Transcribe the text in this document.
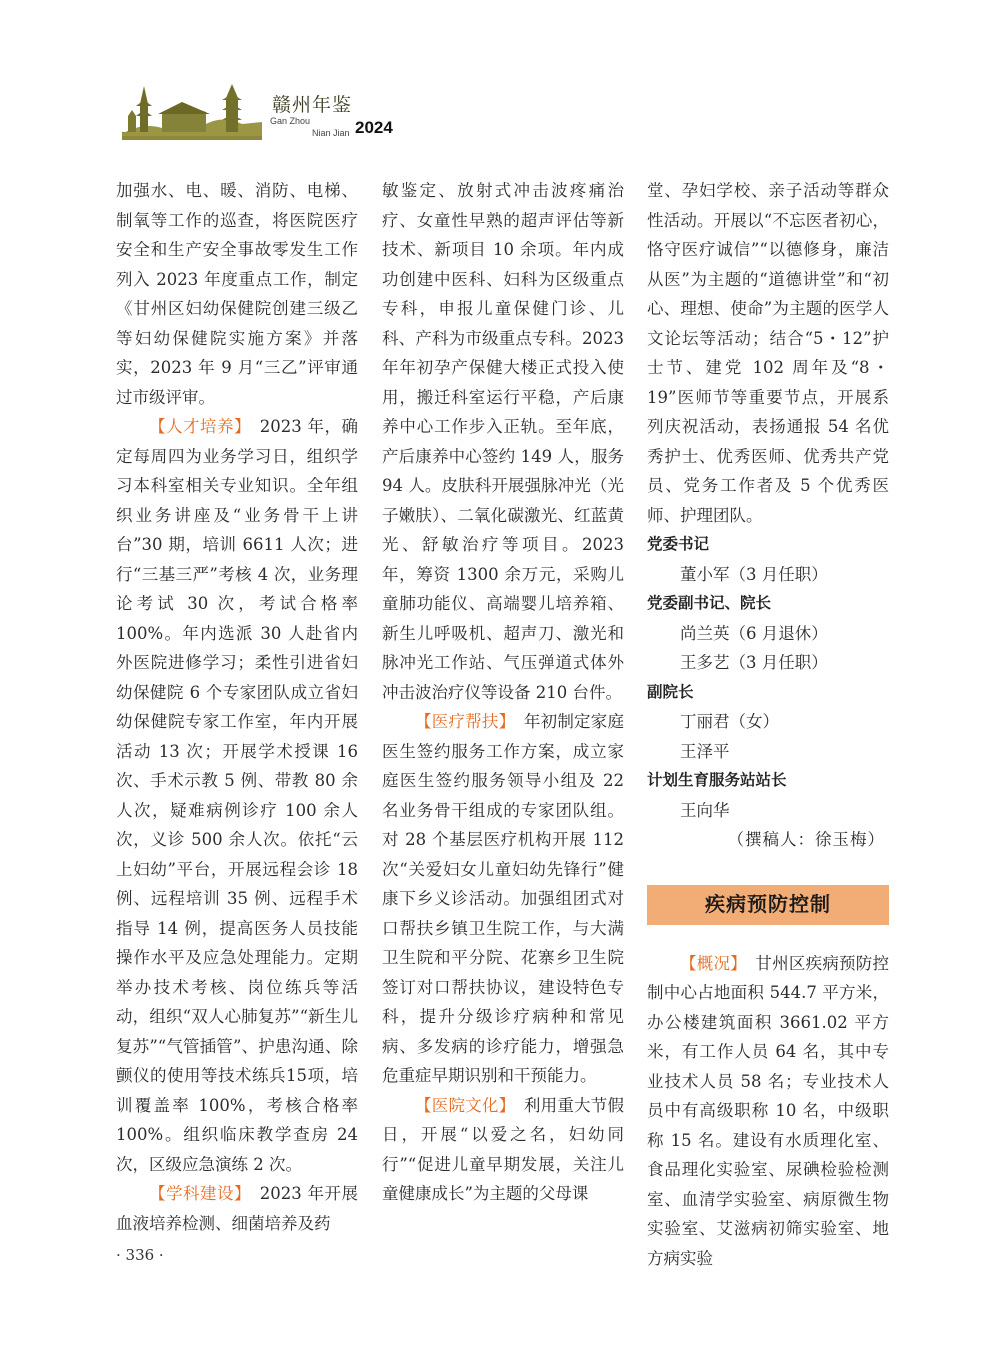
赣州年鉴
Gan Zhou
Nian Jian 2024

加强水、电、暖、消防、电梯、制氧等工作的巡查，将医院医疗安全和生产安全事故零发生工作列入 2023 年度重点工作，制定《甘州区妇幼保健院创建三级乙等妇幼保健院实施方案》并落实，2023 年 9 月“三乙”评审通过市级评审。

【人才培养】　 2023 年，确定每周四为业务学习日，组织学习本科室相关专业知识。全年组织业务讲座及“业务骨干上讲台”30 期，培训 6611 人次；进行“三基三严”考核 4 次，业务理论考试 30 次，考试合格率 100%。年内选派 30 人赴省内外医院进修学习；柔性引进省妇幼保健院 6 个专家团队成立省妇幼保健院专家工作室，年内开展活动 13 次；开展学术授课 16 次、手术示教 5 例、带教 80 余人次，疑难病例诊疗 100 余人次，义诊 500 余人次。依托“云上妇幼”平台，开展远程会诊 18 例、远程培训 35 例、远程手术指导 14 例，提高医务人员技能操作水平及应急处理能力。定期举办技术考核、岗位练兵等活动，组织“双人心肺复苏”“新生儿复苏”“气管插管”、护患沟通、除颤仪的使用等技术练兵15项，培训覆盖率 100%，考核合格率 100%。组织临床教学查房 24 次，区级应急演练 2 次。

【学科建设】　 2023 年开展血液培养检测、细菌培养及药

敏鉴定、放射式冲击波疼痛治疗、女童性早熟的超声评估等新技术、新项目 10 余项。年内成功创建中医科、妇科为区级重点专科，申报儿童保健门诊、儿科、产科为市级重点专科。2023 年年初孕产保健大楼正式投入使用，搬迁科室运行平稳，产后康养中心工作步入正轨。至年底，产后康养中心签约 149 人，服务 94 人。皮肤科开展强脉冲光（光子嫩肤）、二氧化碳激光、红蓝黄光、舒敏治疗等项目。2023 年，筹资 1300 余万元，采购儿童肺功能仪、高端婴儿培养箱、新生儿呼吸机、超声刀、激光和脉冲光工作站、气压弹道式体外冲击波治疗仪等设备 210 台件。

【医疗帮扶】　 年初制定家庭医生签约服务工作方案，成立家庭医生签约服务领导小组及 22 名业务骨干组成的专家团队组。对 28 个基层医疗机构开展 112 次“关爱妇女儿童妇幼先锋行”健康下乡义诊活动。加强组团式对口帮扶乡镇卫生院工作，与大满卫生院和平分院、花寨乡卫生院签订对口帮扶协议，建设特色专科，提升分级诊疗病种和常见病、多发病的诊疗能力，增强急危重症早期识别和干预能力。

【医院文化】　 利用重大节假日，开展“以爱之名，妇幼同行”“促进儿童早期发展，关注儿童健康成长”为主题的父母课

堂、孕妇学校、亲子活动等群众性活动。开展以“不忘医者初心，恪守医疗诚信”“以德修身，廉洁从医”为主题的“道德讲堂”和“初心、理想、使命”为主题的医学人文论坛等活动；结合“5・12”护士节、建党 102 周年及“8・19”医师节等重要节点，开展系列庆祝活动，表扬通报 54 名优秀护士、优秀医师、优秀共产党员、党务工作者及 5 个优秀医师、护理团队。

党委书记

董小军（3 月任职）

党委副书记、院长

尚兰英（6 月退休）

王多艺（3 月任职）

副院长

丁丽君（女）

王泽平

计划生育服务站站长

王向华

（撰稿人：徐玉梅）

疾病预防控制

【概况】　 甘州区疾病预防控制中心占地面积 544.7 平方米，办公楼建筑面积 3661.02 平方米，有工作人员 64 名，其中专业技术人员 58 名；专业技术人员中有高级职称 10 名，中级职称 15 名。建设有水质理化室、食品理化实验室、尿碘检验检测室、血清学实验室、病原微生物实验室、艾滋病初筛实验室、地方病实验

· 336 ·
